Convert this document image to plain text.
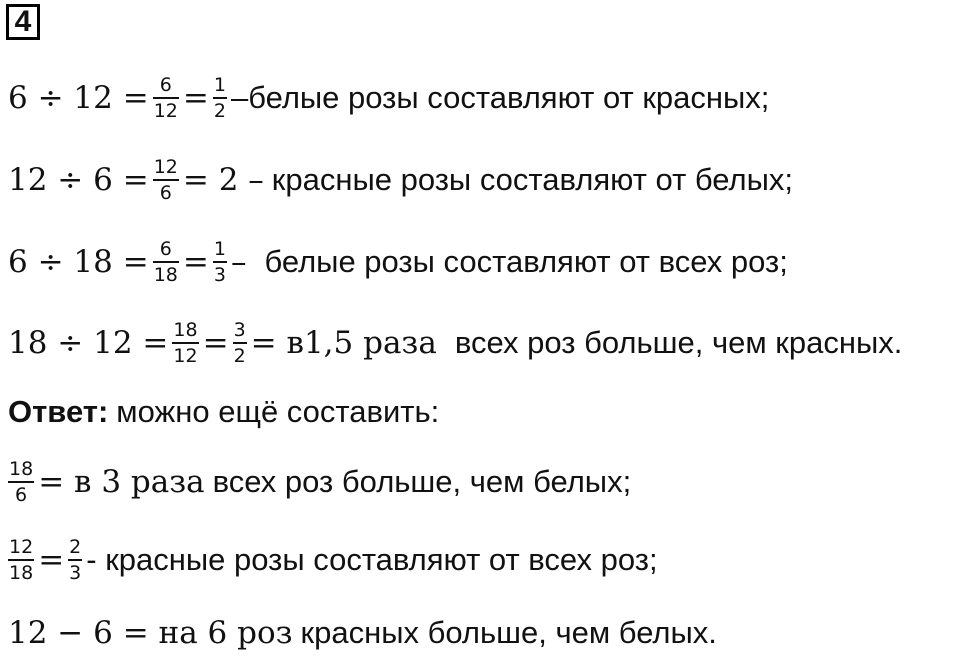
4
$6 \div 12 = \frac{6}{12} = \frac{1}{2}$ –белые розы составляют от красных;
$12 \div 6 = \frac{12}{6} = 2$ – красные розы составляют от белых;
$6 \div 18 = \frac{6}{18} = \frac{1}{3}$ – белые розы составляют от всех роз;
$18 \div 12 = \frac{18}{12} = \frac{3}{2} = в1,5$ раза всех роз больше, чем красных.
Ответ: можно ещё составить:
$\frac{18}{6} = в$ 3 раза всех роз больше, чем белых;
$\frac{12}{18} = \frac{2}{3}$ - красные розы составляют от всех роз;
12 − 6 = на 6 роз красных больше, чем белых.
